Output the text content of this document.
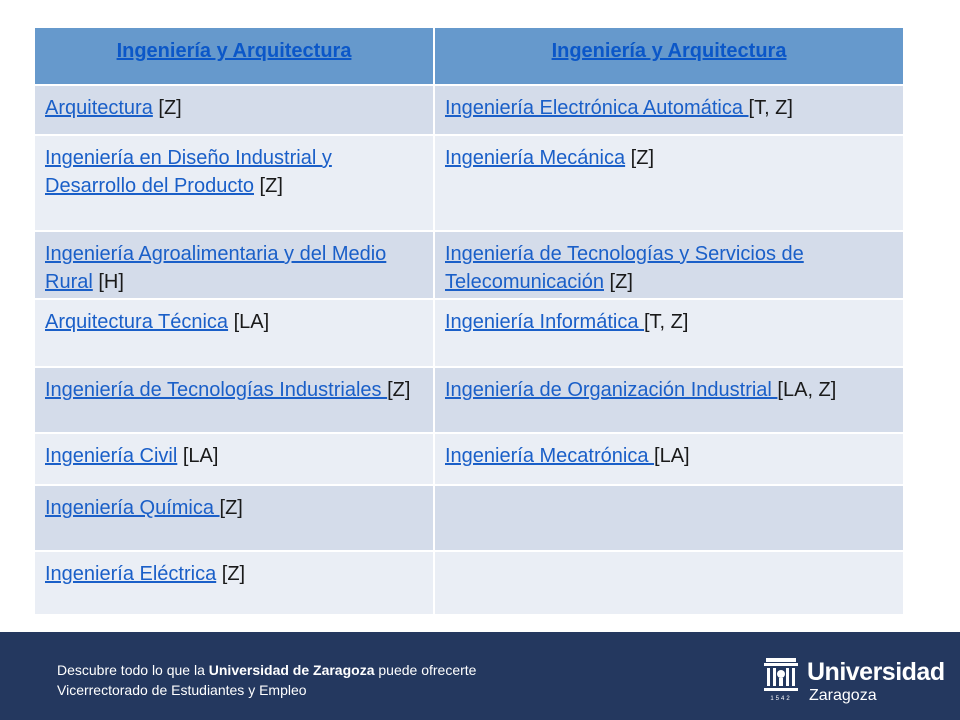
Ingeniería y Arquitectura	Ingeniería y Arquitectura
Arquitectura [Z]	Ingeniería Electrónica Automática [T, Z]
Ingeniería en Diseño Industrial y Desarrollo del Producto [Z]	Ingeniería Mecánica [Z]
Ingeniería Agroalimentaria y del Medio Rural [H]	Ingeniería de Tecnologías y Servicios de Telecomunicación [Z]
Arquitectura Técnica [LA]	Ingeniería Informática [T, Z]
Ingeniería de Tecnologías Industriales [Z]	Ingeniería de Organización Industrial [LA, Z]
Ingeniería Civil [LA]	Ingeniería Mecatrónica [LA]
Ingeniería Química [Z]	
Ingeniería Eléctrica [Z]	
Descubre todo lo que la Universidad de Zaragoza puede ofrecerte
Vicerrectorado de Estudiantes y Empleo
1542
Universidad
Zaragoza
